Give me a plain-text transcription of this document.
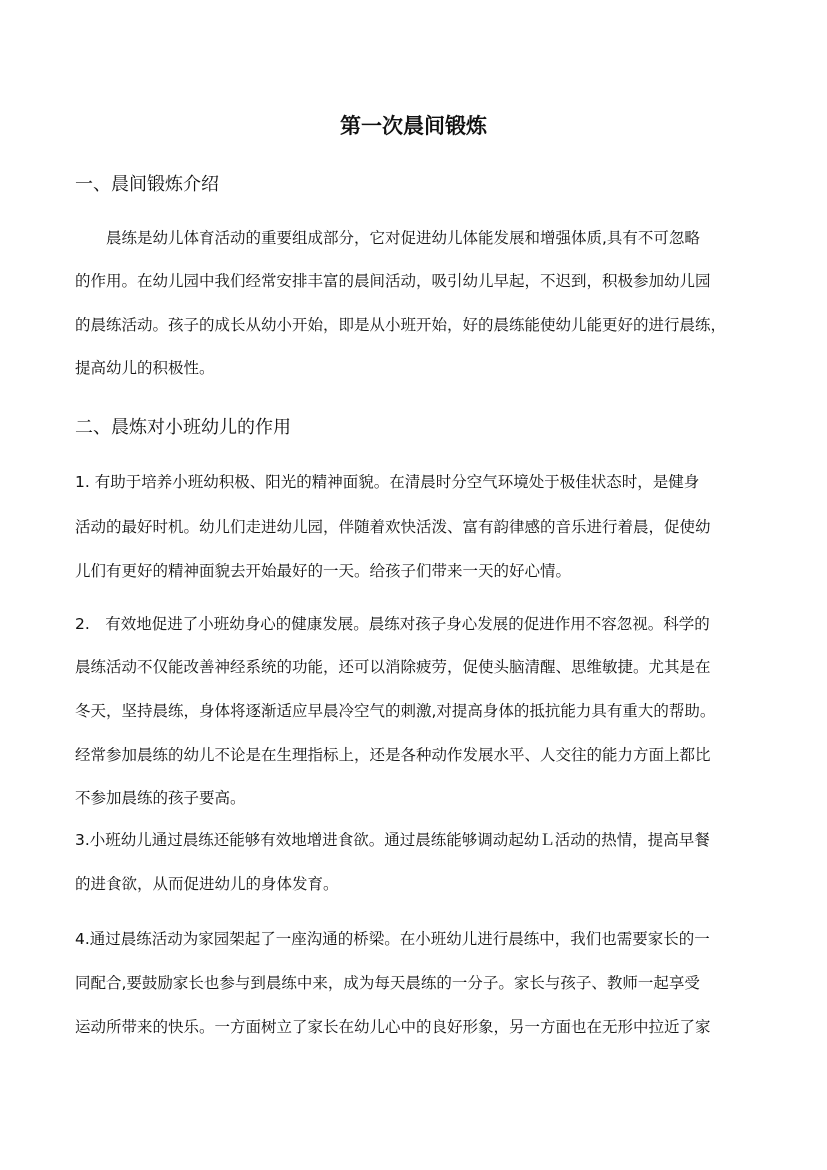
第一次晨间锻炼
一、晨间锻炼介绍
　　晨练是幼儿体育活动的重要组成部分，它对促进幼儿体能发展和增强体质,具有不可忽略
的作用。在幼儿园中我们经常安排丰富的晨间活动，吸引幼儿早起，不迟到，积极参加幼儿园
的晨练活动。孩子的成长从幼小开始，即是从小班开始，好的晨练能使幼儿能更好的进行晨练，
提高幼儿的积极性。
二、晨炼对小班幼儿的作用
1. 有助于培养小班幼积极、阳光的精神面貌。在清晨时分空气环境处于极佳状态时，是健身
活动的最好时机。幼儿们走进幼儿园，伴随着欢快活泼、富有韵律感的音乐进行着晨，促使幼
儿们有更好的精神面貌去开始最好的一天。给孩子们带来一天的好心情。
2.　有效地促进了小班幼身心的健康发展。晨练对孩子身心发展的促进作用不容忽视。科学的
晨练活动不仅能改善神经系统的功能，还可以消除疲劳，促使头脑清醒、思维敏捷。尤其是在
冬天，坚持晨练，身体将逐渐适应早晨冷空气的刺激,对提高身体的抵抗能力具有重大的帮助。
经常参加晨练的幼儿不论是在生理指标上，还是各种动作发展水平、人交往的能力方面上都比
不参加晨练的孩子要高。
3.小班幼儿通过晨练还能够有效地增进食欲。通过晨练能够调动起幼Ｌ活动的热情，提高早餐
的进食欲，从而促进幼儿的身体发育。
4.通过晨练活动为家园架起了一座沟通的桥梁。在小班幼儿进行晨练中，我们也需要家长的一
同配合,要鼓励家长也参与到晨练中来，成为每天晨练的一分子。家长与孩子、教师一起享受
运动所带来的快乐。一方面树立了家长在幼儿心中的良好形象，另一方面也在无形中拉近了家
